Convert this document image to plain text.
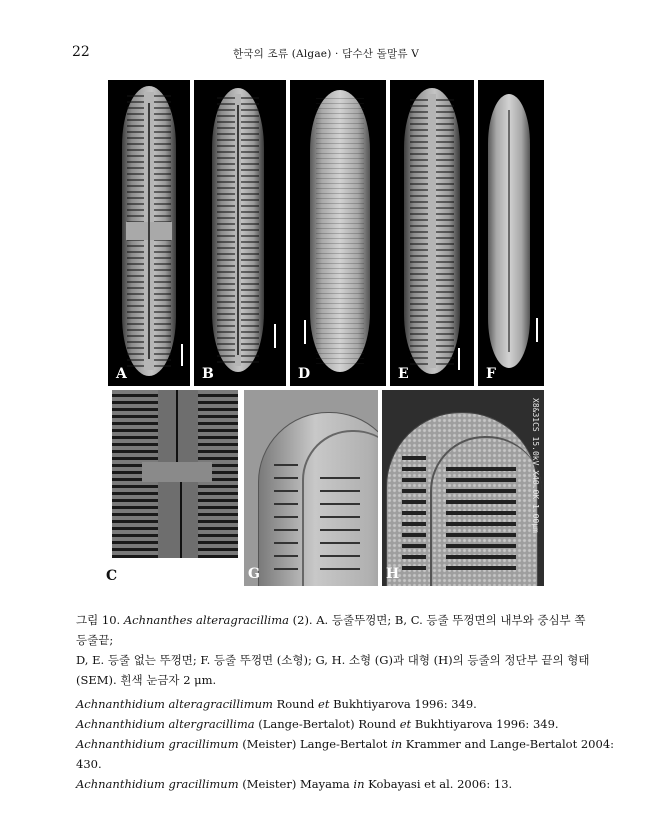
22	한국의 조류 (Algae) · 담수산 돌말류 V
A	B	D	E	F
C	G
X8&31CS 15.0kV X40.0K 1.00μm
H
그림 10. Achnanthes alteragracillima (2). A. 등줄뚜껑면; B, C. 등줄 뚜껑면의 내부와 중심부 쪽 등줄끝;
D, E. 등줄 없는 뚜껑면; F. 등줄 뚜껑면 (소형); G, H. 소형 (G)과 대형 (H)의 등줄의 정단부 끝의 형태
(SEM). 흰색 눈금자 2 μm.

Achnanthidium alteragracillimum Round et Bukhtiyarova 1996: 349.

Achnanthidium altergracillima (Lange-Bertalot) Round et Bukhtiyarova 1996: 349.

Achnanthidium gracillimum (Meister) Lange-Bertalot in Krammer and Lange-Bertalot 2004: 430.

Achnanthidium gracillimum (Meister) Mayama in Kobayasi et al. 2006: 13.
